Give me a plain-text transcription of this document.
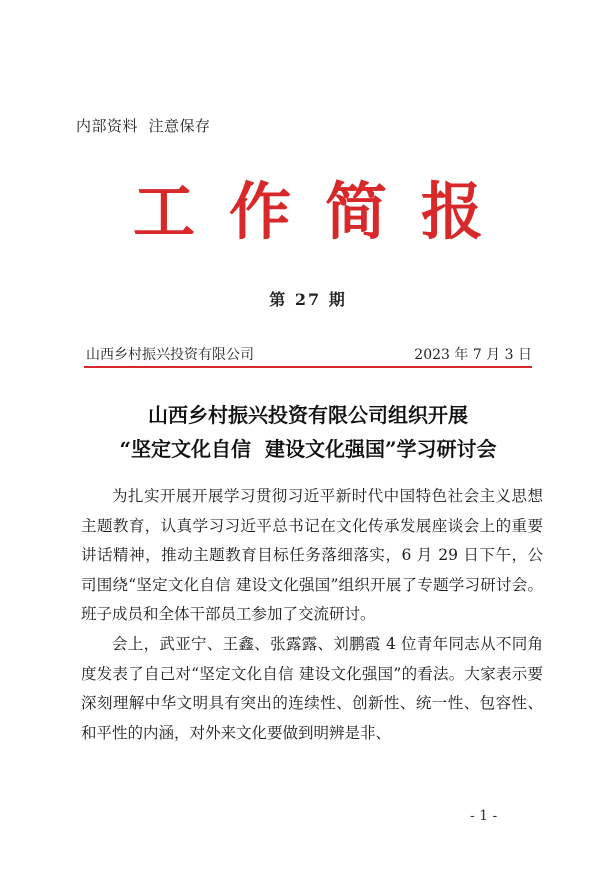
内部资料  注意保存
工作简报
第 27 期
山西乡村振兴投资有限公司	2023 年 7 月 3 日
山西乡村振兴投资有限公司组织开展
“坚定文化自信  建设文化强国”学习研讨会

为扎实开展开展学习贯彻习近平新时代中国特色社会主义思想主题教育，认真学习习近平总书记在文化传承发展座谈会上的重要讲话精神，推动主题教育目标任务落细落实，6 月 29 日下午，公司围绕“坚定文化自信 建设文化强国”组织开展了专题学习研讨会。班子成员和全体干部员工参加了交流研讨。

会上，武亚宁、王鑫、张露露、刘鹏霞 4 位青年同志从不同角度发表了自己对“坚定文化自信 建设文化强国”的看法。大家表示要深刻理解中华文明具有突出的连续性、创新性、统一性、包容性、和平性的内涵，对外来文化要做到明辨是非、

- 1 -
